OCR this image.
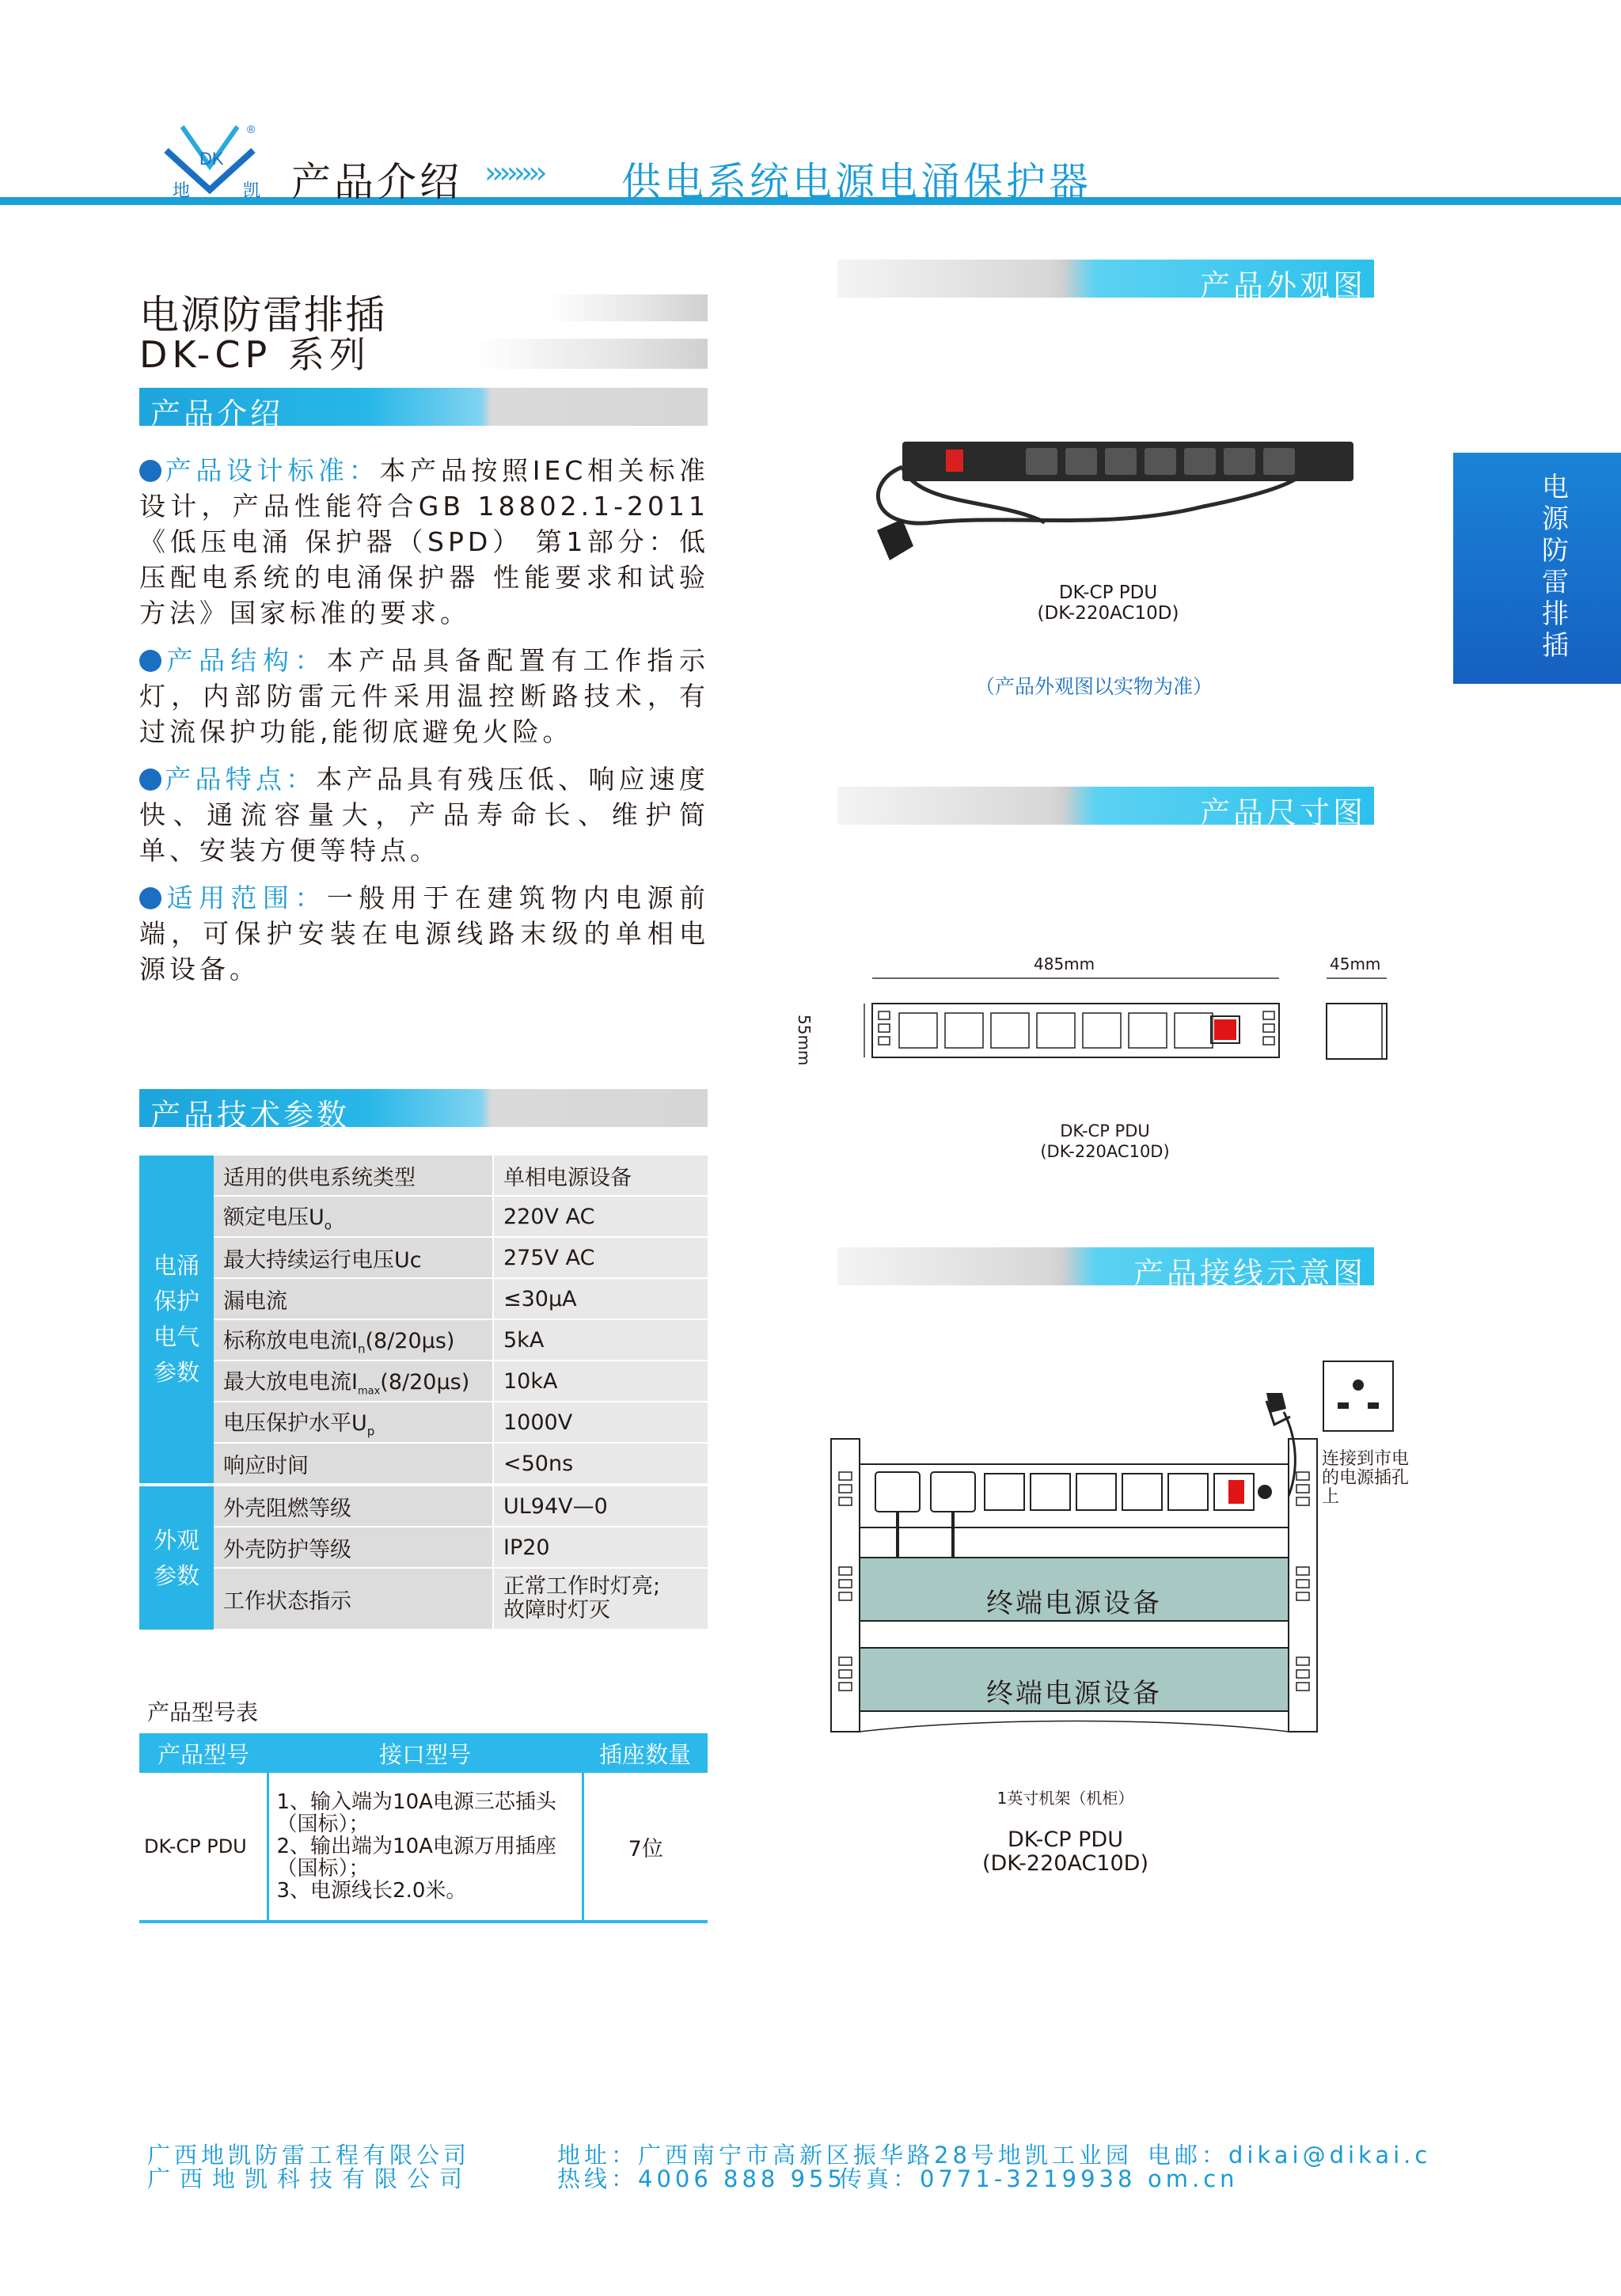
DK
®
地 凯 产品介绍 ›››››››› 供电系统电源电涌保护器
电源防雷排插
电源防雷排插
DK-CP 系列
产品介绍
产品设计标准：本产品按照IEC相关标准设计，产品性能符合GB 18802.1-2011《低压电涌 保护器（SPD） 第1部分：低压配电系统的电涌保护器 性能要求和试验方法》国家标准的要求。
产品结构：本产品具备配置有工作指示灯，内部防雷元件采用温控断路技术，有过流保护功能,能彻底避免火险。
产品特点：本产品具有残压低、响应速度快、通流容量大，产品寿命长、维护简单、安装方便等特点。
适用范围：一般用于在建筑物内电源前端，可保护安装在电源线路末级的单相电源设备。
产品技术参数
电涌保护电气参数	适用的供电系统类型	单相电源设备
	额定电压$U_o$	220V AC
	最大持续运行电压Uc	275V AC
	漏电流	≤30μA
	标称放电电流$I_n(8/20\mu s)$	5kA
	最大放电电流$I_{max}(8/20\mu s)$	10kA
	电压保护水平$U_p$	1000V
	响应时间	<50ns

外观参数	外壳阻燃等级	UL94V—0
	外壳防护等级	IP20
	工作状态指示	正常工作时灯亮;故障时灯灭
产品型号表
产品型号	接口型号	插座数量
DK-CP PDU	1、输入端为10A电源三芯插头（国标）；
2、输出端为10A电源万用插座（国标）；
3、电源线长2.0米。	7位
产品外观图
DK-CP PDU
(DK-220AC10D)
（产品外观图以实物为准）
产品尺寸图
485mm	45mm
55mm
DK-CP PDU
(DK-220AC10D)
产品接线示意图
连接到市电的电源插孔上
终端电源设备
终端电源设备
1英寸机架（机柜）
DK-CP PDU
(DK-220AC10D)
广西地凯防雷工程有限公司
广西地凯科技有限公司
地址：广西南宁市高新区振华路28号地凯工业园
热线：4006 888 955
传真：0771-3219938
电邮：dikai@dikai.com.cn
